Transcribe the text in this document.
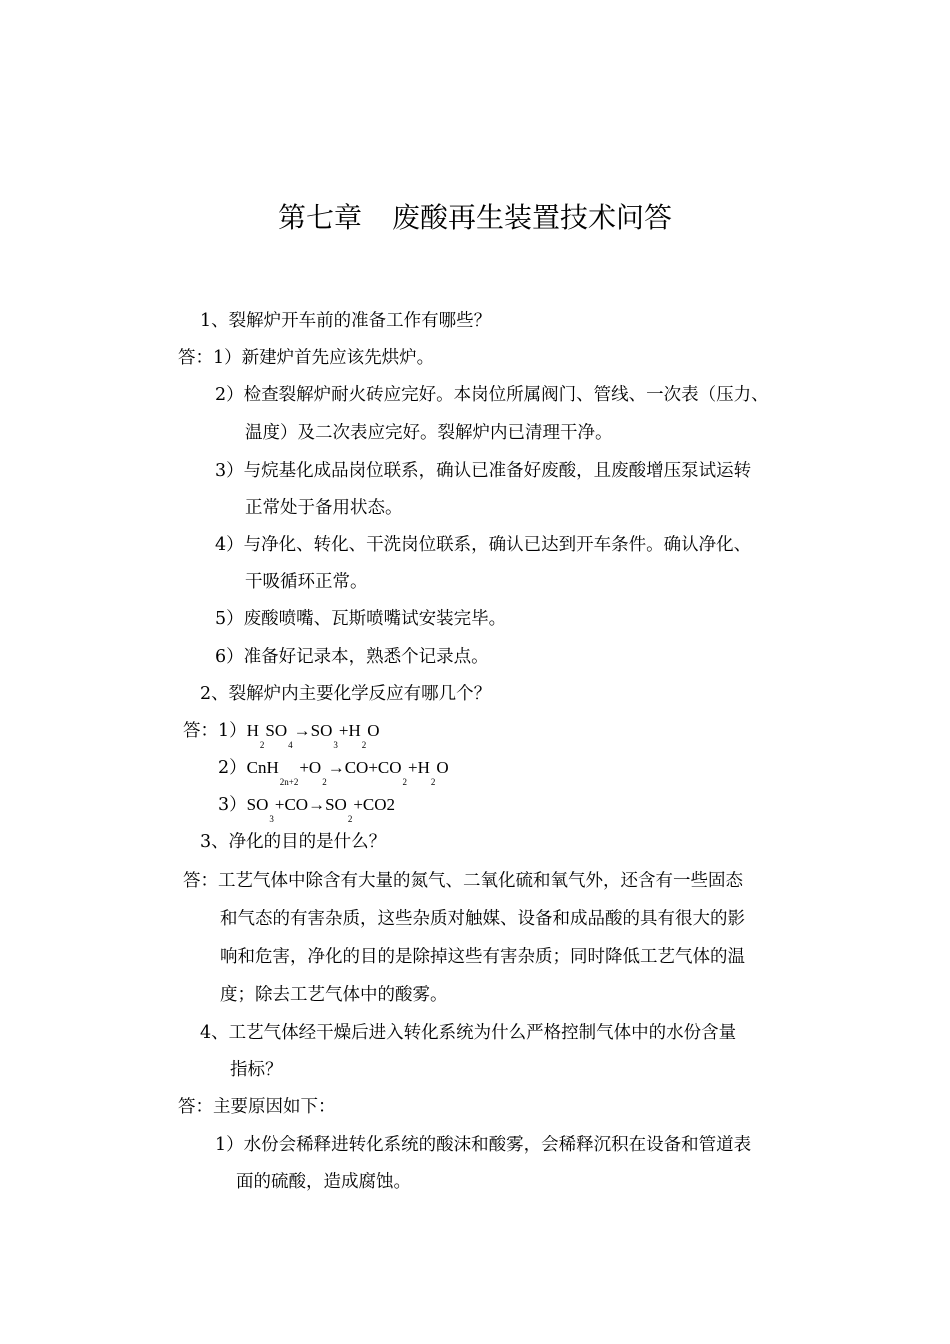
第七章 废酸再生装置技术问答
1、裂解炉开车前的准备工作有哪些？
答：1）新建炉首先应该先烘炉。
2）检查裂解炉耐火砖应完好。本岗位所属阀门、管线、一次表（压力、
温度）及二次表应完好。裂解炉内已清理干净。
3）与烷基化成品岗位联系，确认已准备好废酸，且废酸增压泵试运转
正常处于备用状态。
4）与净化、转化、干洗岗位联系，确认已达到开车条件。确认净化、
干吸循环正常。
5）废酸喷嘴、瓦斯喷嘴试安装完毕。
6）准备好记录本，熟悉个记录点。
2、裂解炉内主要化学反应有哪几个？
答：$1)H_2SO_4\to SO_3+H_2O$
$2)CnH_{2n+2}+O_2\to CO+CO_2+H_2O$
$3)SO_3+CO\to SO_2+CO2$
3、净化的目的是什么？
答：工艺气体中除含有大量的氮气、二氧化硫和氧气外，还含有一些固态
和气态的有害杂质，这些杂质对触媒、设备和成品酸的具有很大的影
响和危害，净化的目的是除掉这些有害杂质；同时降低工艺气体的温
度；除去工艺气体中的酸雾。
4、工艺气体经干燥后进入转化系统为什么严格控制气体中的水份含量
指标？
答：主要原因如下：
1）水份会稀释进转化系统的酸沫和酸雾，会稀释沉积在设备和管道表
面的硫酸，造成腐蚀。
